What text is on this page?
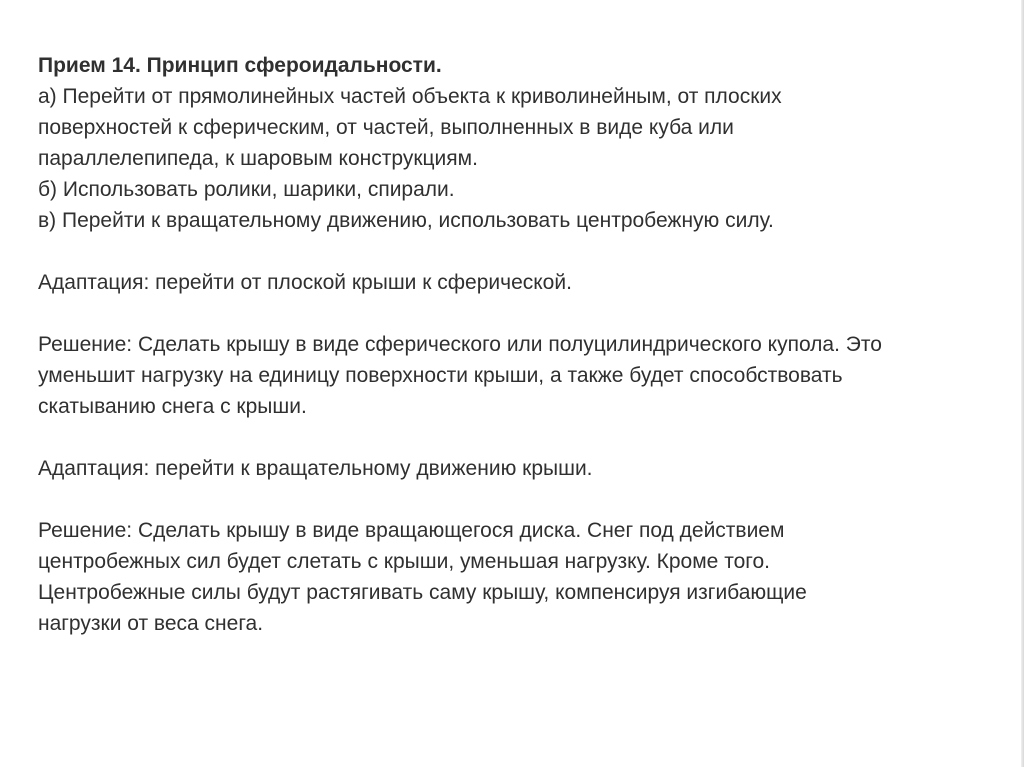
Прием 14. Принцип сфероидальности.
а) Перейти от прямолинейных частей объекта к криволинейным, от плоских
поверхностей к сферическим, от частей, выполненных в виде куба или
параллелепипеда, к шаровым конструкциям.
б) Использовать ролики, шарики, спирали.
в) Перейти к вращательному движению, использовать центробежную силу.
Адаптация: перейти от плоской крыши к сферической.
Решение: Сделать крышу в виде сферического или полуцилиндрического купола. Это
уменьшит нагрузку на единицу поверхности крыши, а также будет способствовать
скатыванию снега с крыши.
Адаптация: перейти к вращательному движению крыши.
Решение: Сделать крышу в виде вращающегося диска. Снег под действием
центробежных сил будет слетать с крыши, уменьшая нагрузку. Кроме того.
Центробежные силы будут растягивать саму крышу, компенсируя изгибающие
нагрузки от веса снега.
